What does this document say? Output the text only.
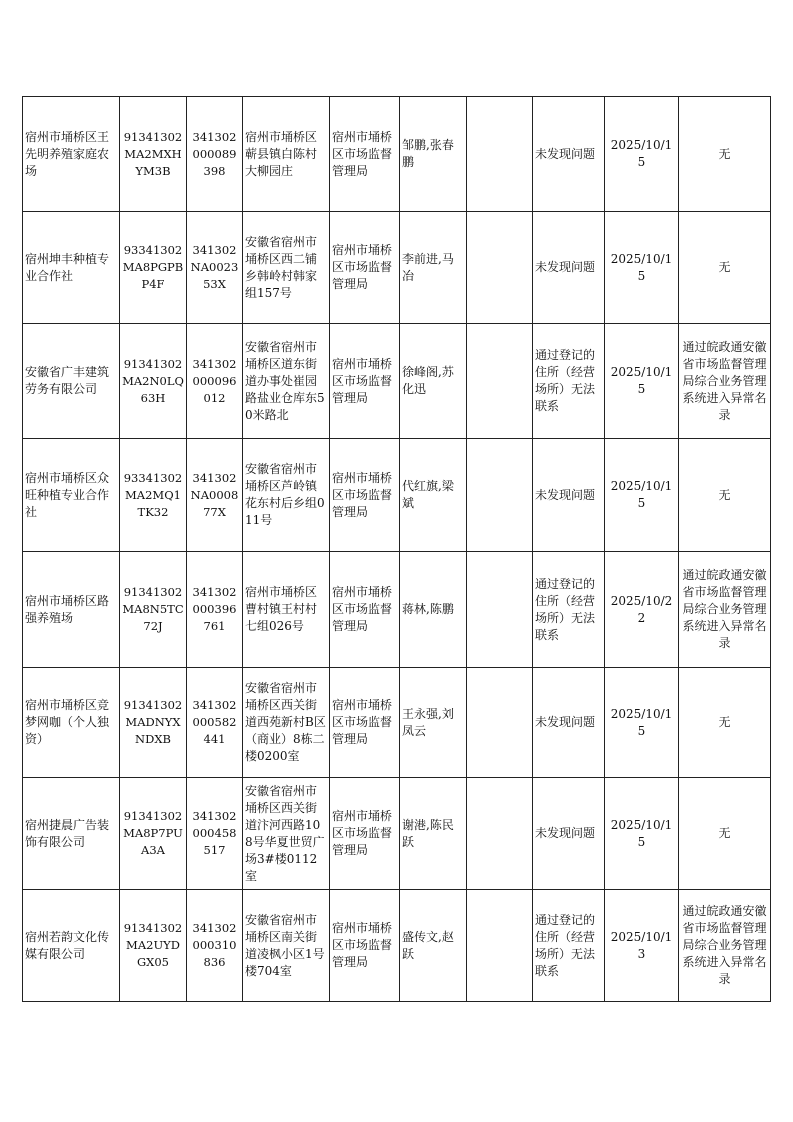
宿州市埇桥区王先明养殖家庭农场	91341302MA2MXHYM3B	341302000089398	宿州市埇桥区蕲县镇白陈村大柳园庄	宿州市埇桥区市场监督管理局	邹鹏,张春鹏		未发现问题	2025/10/15	无
宿州坤丰种植专业合作社	93341302MA8PGPBP4F	341302NA002353X	安徽省宿州市埇桥区西二铺乡韩岭村韩家组157号	宿州市埇桥区市场监督管理局	李前进,马冶		未发现问题	2025/10/15	无
安徽省广丰建筑劳务有限公司	91341302MA2N0LQ63H	341302000096012	安徽省宿州市埇桥区道东街道办事处崔园路盐业仓库东50米路北	宿州市埇桥区市场监督管理局	徐峰阁,苏化迅		通过登记的住所（经营场所）无法联系	2025/10/15	通过皖政通安徽省市场监督管理局综合业务管理系统进入异常名录
宿州市埇桥区众旺种植专业合作社	93341302MA2MQ1TK32	341302NA000877X	安徽省宿州市埇桥区芦岭镇花东村后乡组011号	宿州市埇桥区市场监督管理局	代红旗,梁斌		未发现问题	2025/10/15	无
宿州市埇桥区路强养殖场	91341302MA8N5TC72J	341302000396761	宿州市埇桥区曹村镇王村村七组026号	宿州市埇桥区市场监督管理局	蒋林,陈鹏		通过登记的住所（经营场所）无法联系	2025/10/22	通过皖政通安徽省市场监督管理局综合业务管理系统进入异常名录
宿州市埇桥区竞梦网咖（个人独资）	91341302MADNYXNDXB	341302000582441	安徽省宿州市埇桥区西关街道西苑新村B区（商业）8栋二楼0200室	宿州市埇桥区市场监督管理局	王永强,刘凤云		未发现问题	2025/10/15	无
宿州捷晨广告装饰有限公司	91341302MA8P7PUA3A	341302000458517	安徽省宿州市埇桥区西关街道汴河西路108号华夏世贸广场3#楼0112室	宿州市埇桥区市场监督管理局	谢港,陈民跃		未发现问题	2025/10/15	无
宿州若韵文化传媒有限公司	91341302MA2UYDGX05	341302000310836	安徽省宿州市埇桥区南关街道凌枫小区1号楼704室	宿州市埇桥区市场监督管理局	盛传文,赵跃		通过登记的住所（经营场所）无法联系	2025/10/13	通过皖政通安徽省市场监督管理局综合业务管理系统进入异常名录
